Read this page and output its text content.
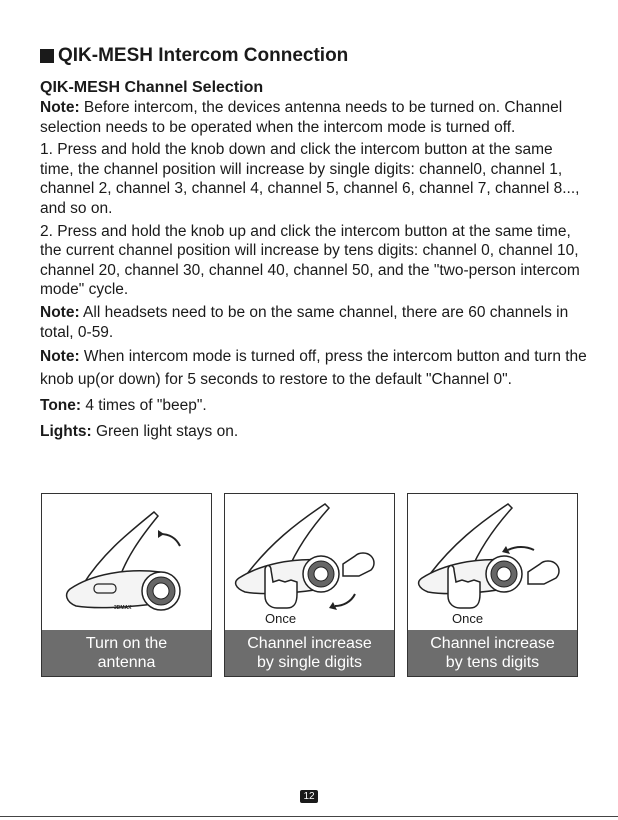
QIK-MESH Intercom Connection
QIK-MESH Channel Selection

Note: Before intercom, the devices antenna needs to be turned on. Channel selection needs to be operated when the intercom mode is turned off.

1. Press and hold the knob down and click the intercom button at the same time, the channel position will increase by single digits: channel0, channel 1, channel 2, channel 3, channel 4, channel 5, channel 6, channel 7, channel 8..., and so on.

2. Press and hold the knob up and click the intercom button at the same time, the current channel position will increase by tens digits: channel 0, channel 10, channel 20, channel 30, channel 40, channel 50, and the "two-person intercom mode" cycle.

Note: All headsets need to be on the same channel, there are 60 channels in total, 0-59.

Note: When intercom mode is turned off, press the intercom button and turn the knob up(or down) for 5 seconds to restore to the default "Channel 0".

Tone: 4 times of "beep".

Lights: Green light stays on.

3DMAX
Turn on the
antenna
Once
Channel increase
by single digits
Once
Channel increase
by tens digits
12
